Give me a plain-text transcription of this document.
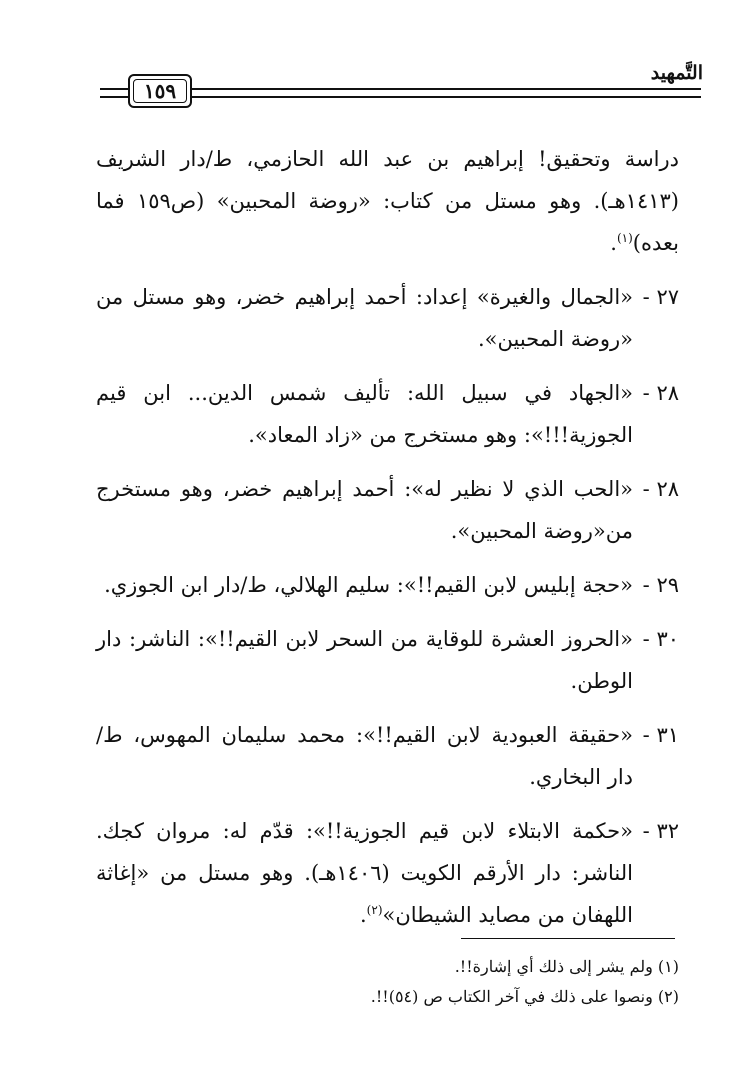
التَّمهيد
١٥٩

دراسة وتحقيق! إبراهيم بن عبد الله الحازمي، ط/دار الشريف (١٤١٣هـ). وهو مستل من كتاب: «روضة المحبين» (ص١٥٩ فما بعده)$^{(١)}$.

٢٧ -
«الجمال والغيرة» إعداد: أحمد إبراهيم خضر، وهو مستل من «روضة المحبين».
٢٨ -
«الجهاد في سبيل الله: تأليف شمس الدين... ابن قيم الجوزية!!!»: وهو مستخرج من «زاد المعاد».
٢٨ -
«الحب الذي لا نظير له»: أحمد إبراهيم خضر، وهو مستخرج من«روضة المحبين».
٢٩ -
«حجة إبليس لابن القيم!!»: سليم الهلالي، ط/دار ابن الجوزي.
٣٠ -
«الحروز العشرة للوقاية من السحر لابن القيم!!»: الناشر: دار الوطن.
٣١ -
«حقيقة العبودية لابن القيم!!»: محمد سليمان المهوس، ط/ دار البخاري.
٣٢ -
«حكمة الابتلاء لابن قيم الجوزية!!»: قدّم له: مروان كجك. الناشر: دار الأرقم الكويت (١٤٠٦هـ). وهو مستل من «إغاثة اللهفان من مصايد الشيطان»$^{(٢)}$.
(١) ولم يشر إلى ذلك أي إشارة!!.
(٢) ونصوا على ذلك في آخر الكتاب ص (٥٤)!!.
